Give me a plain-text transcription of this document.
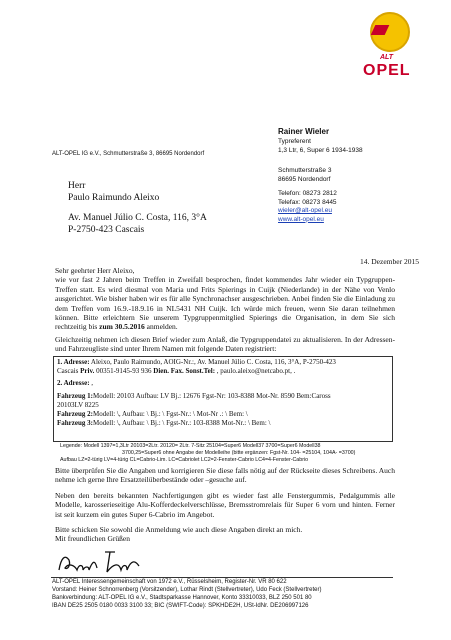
ALT
OPEL
ALT-OPEL IG e.V., Schmutterstraße 3, 86695 Nordendorf
Rainer Wieler
Typreferent
1,3 Ltr, 6, Super 6 1934-1938
Schmutterstraße 3
86695 Nordendorf
Telefon: 08273 2812
Telefax: 08273 8445
wieler@alt-opel.eu
www.alt-opel.eu
Herr
Paulo Raimundo Aleixo
Av. Manuel Júlio C. Costa, 116, 3°A
P-2750-423 Cascais
14. Dezember 2015

Sehr geehrter Herr Aleixo,

wie vor fast 2 Jahren beim Treffen in Zweifall besprochen, findet kommendes Jahr wieder ein Typgruppen-Treffen statt. Es wird diesmal von Maria und Frits Spierings in Cuijk (Niederlande) in der Nähe von Venlo ausgerichtet. Wie bisher haben wir es für alle Synchronachser ausgeschrieben. Anbei finden Sie die Einladung zu dem Treffen vom 16.9.-18.9.16 in NL5431 NH Cuijk. Ich würde mich freuen, wenn Sie daran teilnehmen können. Bitte erleichtern Sie unserem Typgruppenmitglied Spierings die Organisation, in dem Sie sich rechtzeitig bis zum 30.5.2016 anmelden.

Gleichzeitig nehmen ich diesen Brief wieder zum Anlaß, die Typgruppendatei zu aktualisieren. In der Adressen- und Fahrzeugliste sind unter Ihrem Namen mit folgende Daten registriert:

1. Adresse: Aleixo, Paulo Raimundo, AOIG-Nr.:, Av. Manuel Júlio C. Costa, 116, 3°A, P-2750-423
Cascais Priv. 00351-9145-93 936 Dien. Fax. Sonst.Tel: , paulo.aleixo@netcabo.pt, .
2. Adresse: ,
Fahrzeug 1:Modell: 20103 Aufbau: LV Bj.: 12676 Fgst-Nr: 103-8388 Mot-Nr. 8590 Bem:Caross
20103LV 8225
Fahrzeug 2:Modell: \, Aufbau: \ Bj.: \ Fgst-Nr.: \ Mot-Nr .: \ Bem: \
Fahrzeug 3:Modell: \, Aufbau: \ Bj.: \ Fgst-Nr.: 103-8388 Mot-Nr.: \ Bem: \
Legende: Modell 1397=1,3Ltr 20103=2Ltr. 20120= 2Ltr. 7-Sitz 25104=Super6 Modell37 3700=Super6 Modell38
3700,25=Super6 ohne Angabe der Modelleihe (bitte ergänzen: Fgst-Nr. 104- =25104, 104A- =3700)
Aufbau LZ=2-türig LV=4-türig CL=Cabrio-Lim. LC=Cabriolet LC2=2-Fenster-Cabrio LC4=4-Fenster-Cabrio

Bitte überprüfen Sie die Angaben und korrigieren Sie diese falls nötig auf der Rückseite dieses Schreibens. Auch nehme ich gerne Ihre Ersatzteilüberbestände oder –gesuche auf.

Neben den bereits bekannten Nachfertigungen gibt es wieder fast alle Fenstergummis, Pedalgummis alle Modelle, karosserieseitige Alu-Kofferdeckelverschlüsse, Bremsstromrelais für Super 6 vorn und hinten. Ferner ist seit kurzem ein gutes Super 6-Cabrio im Angebot.

Bitte schicken Sie sowohl die Anmeldung wie auch diese Angaben direkt an mich.

Mit freundlichen Grüßen

ALT-OPEL Interessengemeinschaft von 1972 e.V., Rüsselsheim, Register-Nr. VR 80 622
Vorstand: Heiner Schnorrenberg (Vorsitzender), Lothar Rindt (Stellvertreter), Udo Feck (Stellvertreter)
Bankverbindung: ALT-OPEL IG e.V., Stadtsparkasse Hannover, Konto 33310033, BLZ 250 501 80
IBAN DE25 2505 0180 0033 3100 33; BIC (SWIFT-Code): SPKHDE2H, USt-IdNr. DE206997126
